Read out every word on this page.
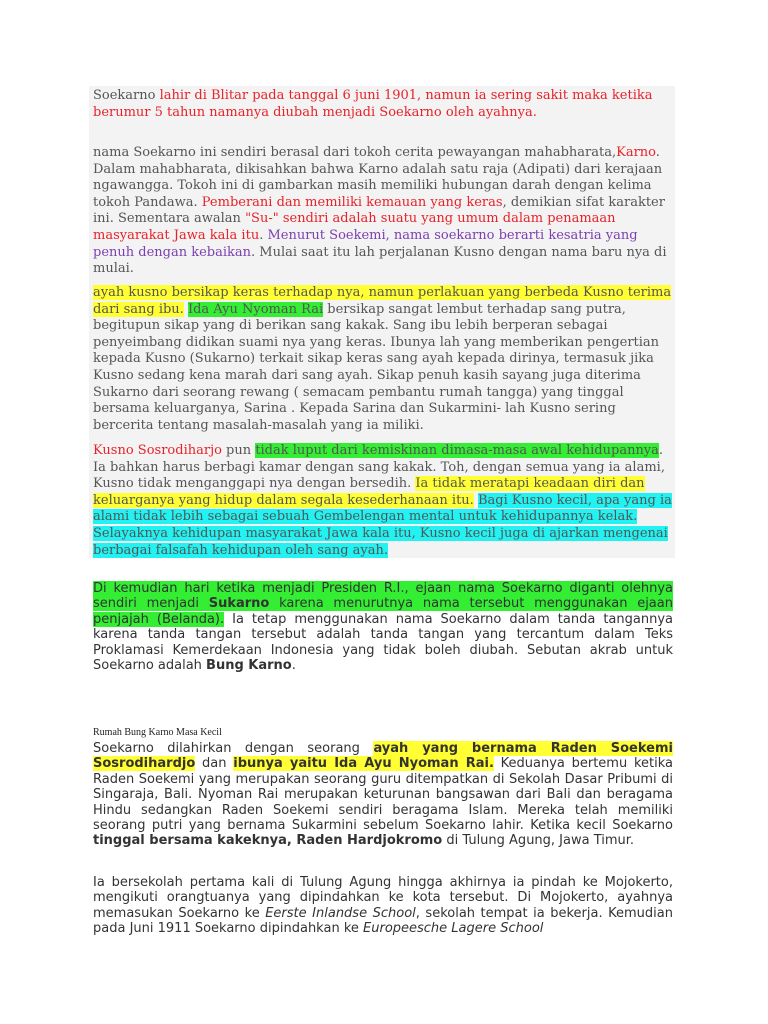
Soekarno lahir di Blitar pada tanggal 6 juni 1901, namun ia sering sakit maka ketika berumur 5 tahun namanya diubah menjadi Soekarno oleh ayahnya.

nama Soekarno ini sendiri berasal dari tokoh cerita pewayangan mahabharata,Karno. Dalam mahabharata, dikisahkan bahwa Karno adalah satu raja (Adipati) dari kerajaan ngawangga. Tokoh ini di gambarkan masih memiliki hubungan darah dengan kelima tokoh Pandawa. Pemberani dan memiliki kemauan yang keras, demikian sifat karakter ini. Sementara awalan "Su-" sendiri adalah suatu yang umum dalam penamaan masyarakat Jawa kala itu. Menurut Soekemi, nama soekarno berarti kesatria yang penuh dengan kebaikan. Mulai saat itu lah perjalanan Kusno dengan nama baru nya di mulai.

ayah kusno bersikap keras terhadap nya, namun perlakuan yang berbeda Kusno terima dari sang ibu. Ida Ayu Nyoman Rai bersikap sangat lembut terhadap sang putra, begitupun sikap yang di berikan sang kakak. Sang ibu lebih berperan sebagai penyeimbang didikan suami nya yang keras. Ibunya lah yang memberikan pengertian kepada Kusno (Sukarno) terkait sikap keras sang ayah kepada dirinya, termasuk jika Kusno sedang kena marah dari sang ayah. Sikap penuh kasih sayang juga diterima Sukarno dari seorang rewang ( semacam pembantu rumah tangga) yang tinggal bersama keluarganya, Sarina . Kepada Sarina dan Sukarmini- lah Kusno sering bercerita tentang masalah-masalah yang ia miliki.

Kusno Sosrodiharjo pun tidak luput dari kemiskinan dimasa-masa awal kehidupannya. Ia bahkan harus berbagi kamar dengan sang kakak. Toh, dengan semua yang ia alami, Kusno tidak menganggapi nya dengan bersedih. Ia tidak meratapi keadaan diri dan keluarganya yang hidup dalam segala kesederhanaan itu. Bagi Kusno kecil, apa yang ia alami tidak lebih sebagai sebuah Gembelengan mental untuk kehidupannya kelak. Selayaknya kehidupan masyarakat Jawa kala itu, Kusno kecil juga di ajarkan mengenai berbagai falsafah kehidupan oleh sang ayah.

Di kemudian hari ketika menjadi Presiden R.I., ejaan nama Soekarno diganti olehnya sendiri menjadi Sukarno karena menurutnya nama tersebut menggunakan ejaan penjajah (Belanda). Ia tetap menggunakan nama Soekarno dalam tanda tangannya karena tanda tangan tersebut adalah tanda tangan yang tercantum dalam Teks Proklamasi Kemerdekaan Indonesia yang tidak boleh diubah. Sebutan akrab untuk Soekarno adalah Bung Karno.

Rumah Bung Karno Masa Kecil

Soekarno dilahirkan dengan seorang ayah yang bernama Raden Soekemi Sosrodihardjo dan ibunya yaitu Ida Ayu Nyoman Rai. Keduanya bertemu ketika Raden Soekemi yang merupakan seorang guru ditempatkan di Sekolah Dasar Pribumi di Singaraja, Bali. Nyoman Rai merupakan keturunan bangsawan dari Bali dan beragama Hindu sedangkan Raden Soekemi sendiri beragama Islam. Mereka telah memiliki seorang putri yang bernama Sukarmini sebelum Soekarno lahir. Ketika kecil Soekarno tinggal bersama kakeknya, Raden Hardjokromo di Tulung Agung, Jawa Timur.

Ia bersekolah pertama kali di Tulung Agung hingga akhirnya ia pindah ke Mojokerto, mengikuti orangtuanya yang dipindahkan ke kota tersebut. Di Mojokerto, ayahnya memasukan Soekarno ke Eerste Inlandse School, sekolah tempat ia bekerja. Kemudian pada Juni 1911 Soekarno dipindahkan ke Europeesche Lagere School
